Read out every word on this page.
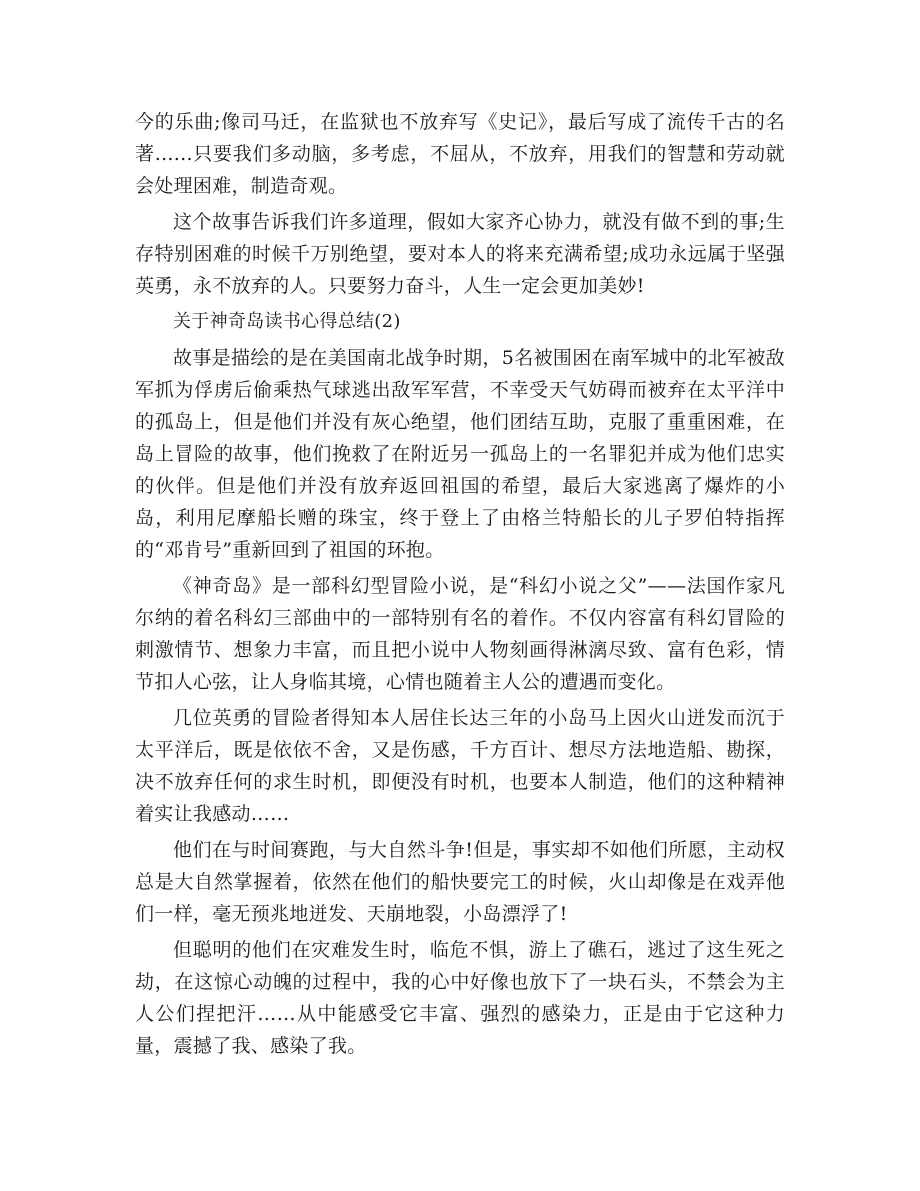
今的乐曲;像司马迁，在监狱也不放弃写《史记》，最后写成了流传千古的名著......只要我们多动脑，多考虑，不屈从，不放弃，用我们的智慧和劳动就会处理困难，制造奇观。

这个故事告诉我们许多道理，假如大家齐心协力，就没有做不到的事;生存特别困难的时候千万别绝望，要对本人的将来充满希望;成功永远属于坚强英勇，永不放弃的人。只要努力奋斗，人生一定会更加美妙!

关于神奇岛读书心得总结(2)

故事是描绘的是在美国南北战争时期，5名被围困在南军城中的北军被敌军抓为俘虏后偷乘热气球逃出敌军军营，不幸受天气妨碍而被弃在太平洋中的孤岛上，但是他们并没有灰心绝望，他们团结互助，克服了重重困难，在岛上冒险的故事，他们挽救了在附近另一孤岛上的一名罪犯并成为他们忠实的伙伴。但是他们并没有放弃返回祖国的希望，最后大家逃离了爆炸的小岛，利用尼摩船长赠的珠宝，终于登上了由格兰特船长的儿子罗伯特指挥的“邓肯号”重新回到了祖国的环抱。

《神奇岛》是一部科幻型冒险小说，是“科幻小说之父”——法国作家凡尔纳的着名科幻三部曲中的一部特别有名的着作。不仅内容富有科幻冒险的刺激情节、想象力丰富，而且把小说中人物刻画得淋漓尽致、富有色彩，情节扣人心弦，让人身临其境，心情也随着主人公的遭遇而变化。

几位英勇的冒险者得知本人居住长达三年的小岛马上因火山迸发而沉于太平洋后，既是依依不舍，又是伤感，千方百计、想尽方法地造船、勘探，决不放弃任何的求生时机，即便没有时机，也要本人制造，他们的这种精神着实让我感动……

他们在与时间赛跑，与大自然斗争!但是，事实却不如他们所愿，主动权总是大自然掌握着，依然在他们的船快要完工的时候，火山却像是在戏弄他们一样，毫无预兆地迸发、天崩地裂，小岛漂浮了!

但聪明的他们在灾难发生时，临危不惧，游上了礁石，逃过了这生死之劫，在这惊心动魄的过程中，我的心中好像也放下了一块石头，不禁会为主人公们捏把汗……从中能感受它丰富、强烈的感染力，正是由于它这种力量，震撼了我、感染了我。
